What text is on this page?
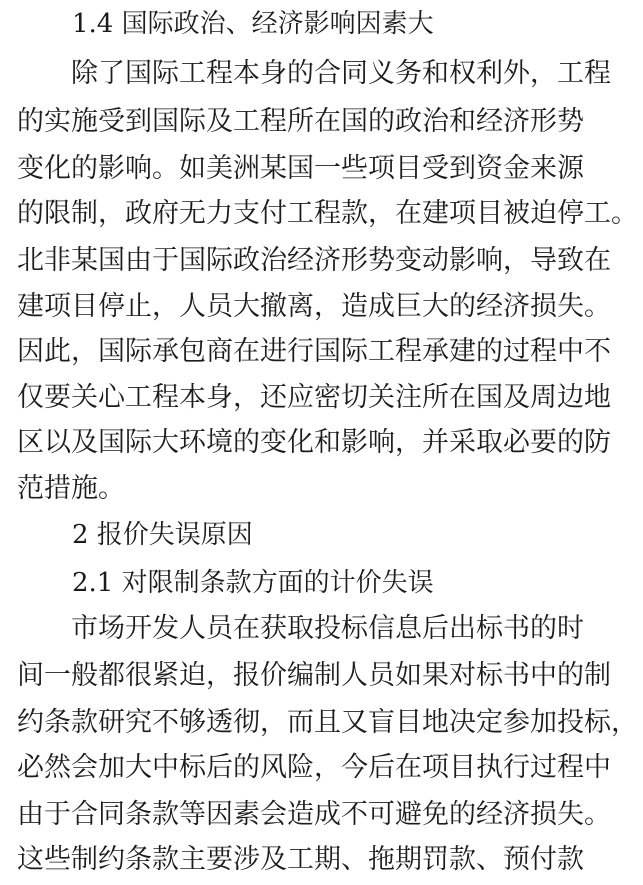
1.4 国际政治、经济影响因素大
除了国际工程本身的合同义务和权利外，工程
的实施受到国际及工程所在国的政治和经济形势
变化的影响。如美洲某国一些项目受到资金来源
的限制，政府无力支付工程款，在建项目被迫停工。
北非某国由于国际政治经济形势变动影响，导致在
建项目停止，人员大撤离，造成巨大的经济损失。
因此，国际承包商在进行国际工程承建的过程中不
仅要关心工程本身，还应密切关注所在国及周边地
区以及国际大环境的变化和影响，并采取必要的防
范措施。
2 报价失误原因
2.1 对限制条款方面的计价失误
市场开发人员在获取投标信息后出标书的时
间一般都很紧迫，报价编制人员如果对标书中的制
约条款研究不够透彻，而且又盲目地决定参加投标，
必然会加大中标后的风险，今后在项目执行过程中
由于合同条款等因素会造成不可避免的经济损失。
这些制约条款主要涉及工期、拖期罚款、预付款
